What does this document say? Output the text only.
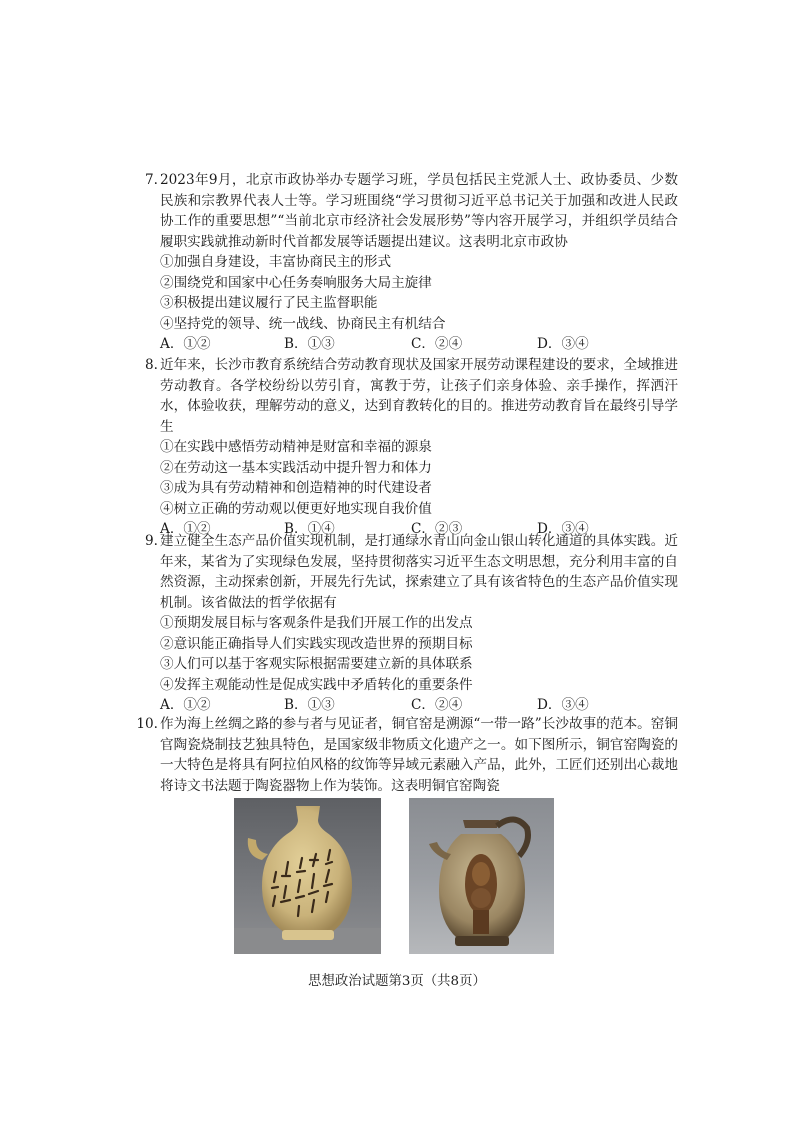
7. 2023年9月，北京市政协举办专题学习班，学员包括民主党派人士、政协委员、少数民族和宗教界代表人士等。学习班围绕“学习贯彻习近平总书记关于加强和改进人民政协工作的重要思想”“当前北京市经济社会发展形势”等内容开展学习，并组织学员结合履职实践就推动新时代首都发展等话题提出建议。这表明北京市政协
①加强自身建设，丰富协商民主的形式
②围绕党和国家中心任务奏响服务大局主旋律
③积极提出建议履行了民主监督职能
④坚持党的领导、统一战线、协商民主有机结合
A．①②	B．①③	C．②④	D．③④
8. 近年来，长沙市教育系统结合劳动教育现状及国家开展劳动课程建设的要求，全域推进劳动教育。各学校纷纷以劳引育，寓教于劳，让孩子们亲身体验、亲手操作，挥洒汗水，体验收获，理解劳动的意义，达到育教转化的目的。推进劳动教育旨在最终引导学生
①在实践中感悟劳动精神是财富和幸福的源泉
②在劳动这一基本实践活动中提升智力和体力
③成为具有劳动精神和创造精神的时代建设者
④树立正确的劳动观以便更好地实现自我价值
A．①②	B．①④	C．②③	D．③④
9. 建立健全生态产品价值实现机制，是打通绿水青山向金山银山转化通道的具体实践。近年来，某省为了实现绿色发展，坚持贯彻落实习近平生态文明思想，充分利用丰富的自然资源，主动探索创新，开展先行先试，探索建立了具有该省特色的生态产品价值实现机制。该省做法的哲学依据有
①预期发展目标与客观条件是我们开展工作的出发点
②意识能正确指导人们实践实现改造世界的预期目标
③人们可以基于客观实际根据需要建立新的具体联系
④发挥主观能动性是促成实践中矛盾转化的重要条件
A．①②	B．①③	C．②④	D．③④
10. 作为海上丝绸之路的参与者与见证者，铜官窑是溯源“一带一路”长沙故事的范本。窑铜官陶瓷烧制技艺独具特色，是国家级非物质文化遗产之一。如下图所示，铜官窑陶瓷的一大特色是将具有阿拉伯风格的纹饰等异域元素融入产品，此外，工匠们还别出心裁地将诗文书法题于陶瓷器物上作为装饰。这表明铜官窑陶瓷
思想政治试题第3页（共8页）
